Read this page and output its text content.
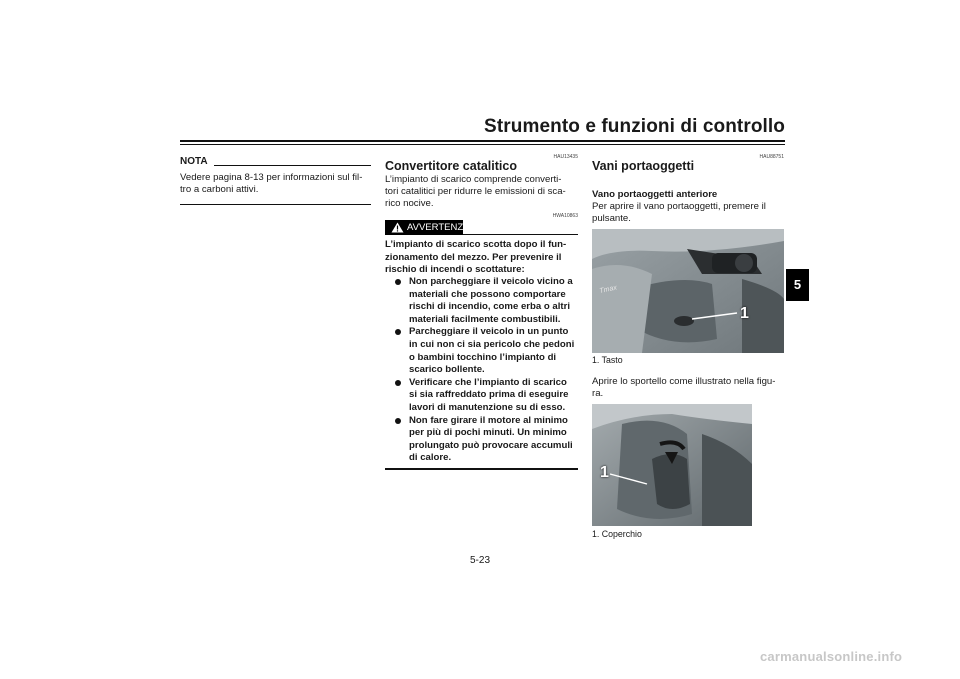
Strumento e funzioni di controllo
5
NOTA
Vedere pagina 8-13 per informazioni sul fil-
tro a carboni attivi.
HAU13435
Convertitore catalitico
L’impianto di scarico comprende converti-
tori catalitici per ridurre le emissioni di sca-
rico nocive.
HWA10863
AVVERTENZA
L’impianto di scarico scotta dopo il fun-
zionamento del mezzo. Per prevenire il
rischio di incendi o scottature:
Non parcheggiare il veicolo vicino a
materiali che possono comportare
rischi di incendio, come erba o altri
materiali facilmente combustibili.
Parcheggiare il veicolo in un punto
in cui non ci sia pericolo che pedoni
o bambini tocchino l’impianto di
scarico bollente.
Verificare che l’impianto di scarico
si sia raffreddato prima di eseguire
lavori di manutenzione su di esso.
Non fare girare il motore al minimo
per più di pochi minuti. Un minimo
prolungato può provocare accumuli
di calore.
HAU88751
Vani portaoggetti
Vano portaoggetti anteriore
Per aprire il vano portaoggetti, premere il
pulsante.
Tmax
1
1. Tasto
Aprire lo sportello come illustrato nella figu-
ra.
1
1. Coperchio
5-23
carmanualsonline.info
